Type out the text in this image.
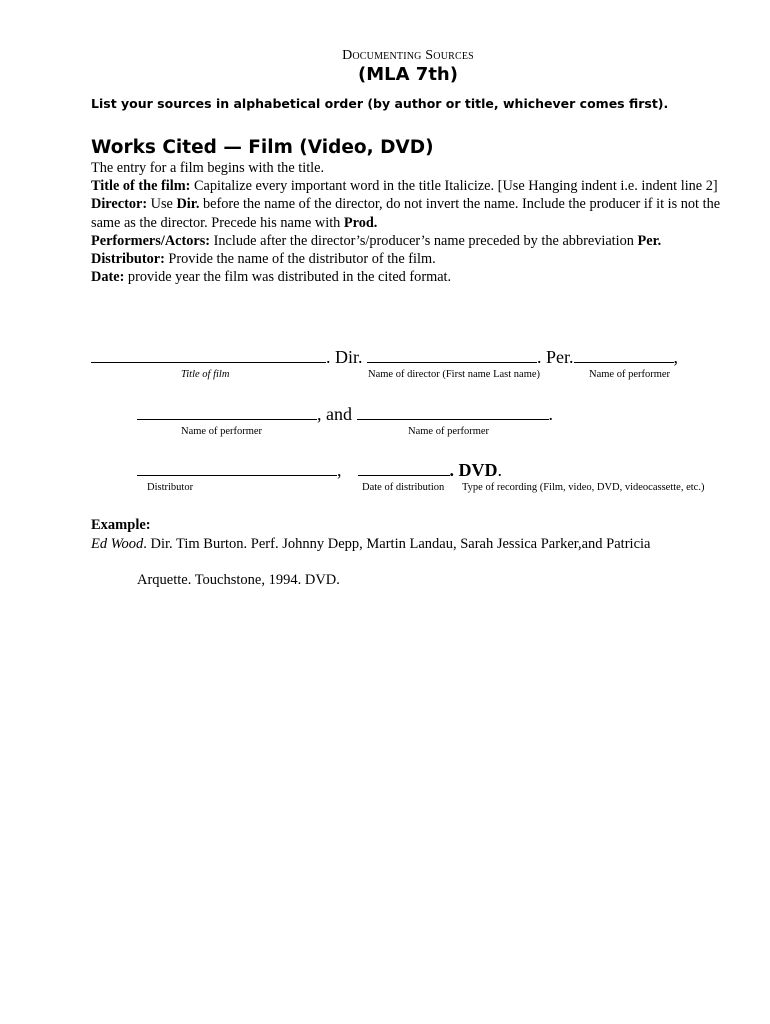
Documenting Sources
(MLA 7th)
List your sources in alphabetical order (by author or title, whichever comes first).
Works Cited — Film (Video, DVD)

The entry for a film begins with the title.

Title of the film: Capitalize every important word in the title Italicize. [Use Hanging indent i.e. indent line 2]

Director: Use Dir. before the name of the director, do not invert the name. Include the producer if it is not the same as the director. Precede his name with Prod.

Performers/Actors: Include after the director’s/producer’s name preceded by the abbreviation Per.

Distributor: Provide the name of the distributor of the film.

Date: provide year the film was distributed in the cited format.

. Dir.	. Per.	,
Title of film	Name of director (First name Last name)	Name of performer
, and	.
Name of performer	Name of performer
,	. DVD.
Distributor	Date of distribution Type of recording (Film, video, DVD, videocassette, etc.)
Example:
Ed Wood. Dir. Tim Burton. Perf. Johnny Depp, Martin Landau, Sarah Jessica Parker,and Patricia
Arquette. Touchstone, 1994. DVD.
